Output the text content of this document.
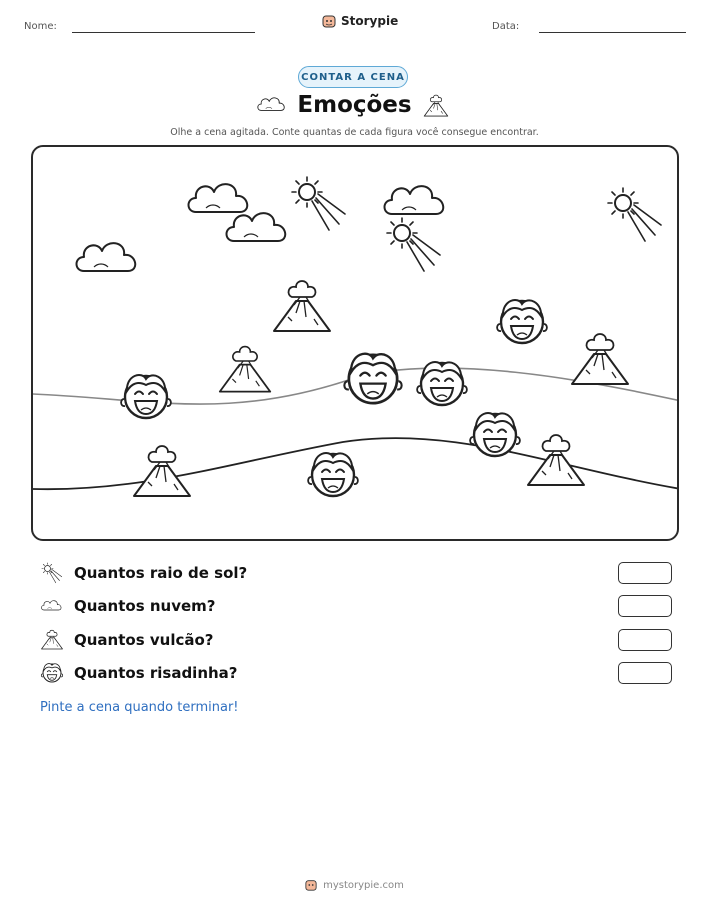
Nome:	Storypie	Data:
CONTAR A CENA
Emoções
Olhe a cena agitada. Conte quantas de cada figura você consegue encontrar.
Quantos raio de sol?
Quantos nuvem?
Quantos vulcão?
Quantos risadinha?
Pinte a cena quando terminar!
mystorypie.com
